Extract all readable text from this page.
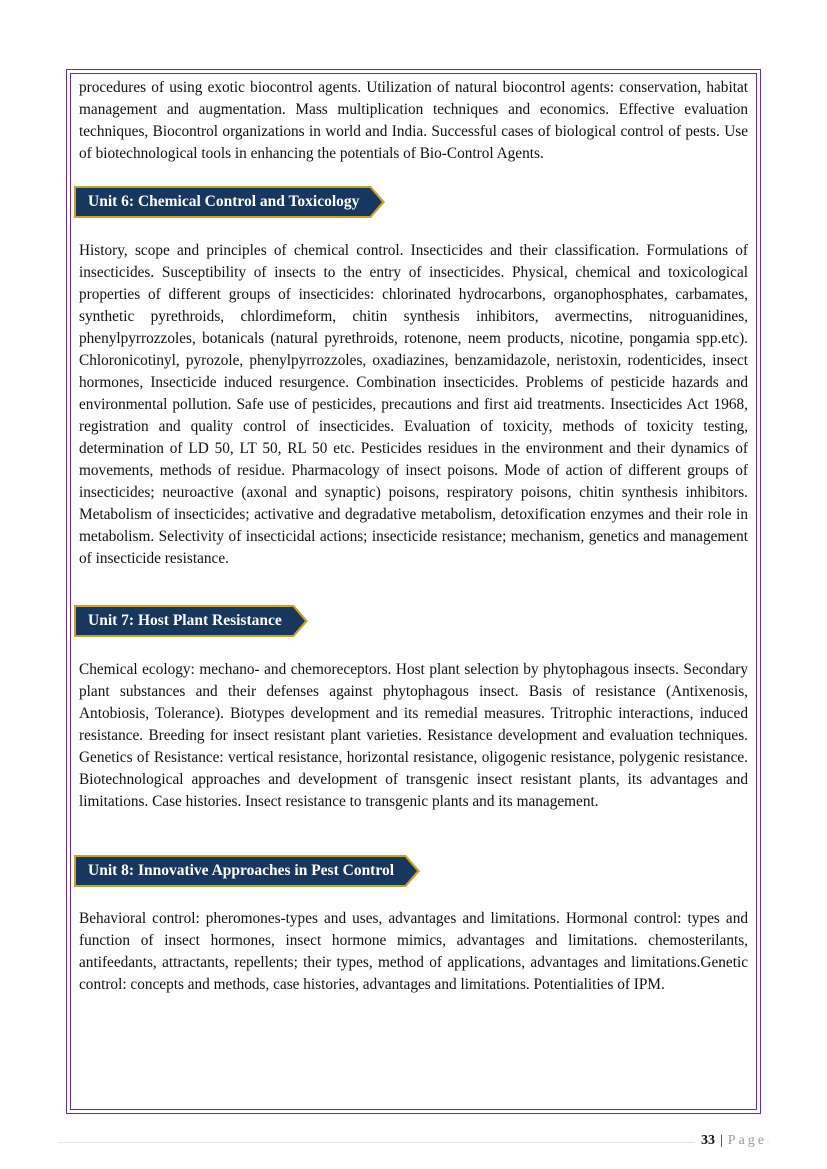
procedures of using exotic biocontrol agents. Utilization of natural biocontrol agents: conservation, habitat management and augmentation. Mass multiplication techniques and economics. Effective evaluation techniques, Biocontrol organizations in world and India. Successful cases of biological control of pests. Use of biotechnological tools in enhancing the potentials of Bio-Control Agents.

Unit 6: Chemical Control and Toxicology

History, scope and principles of chemical control. Insecticides and their classification. Formulations of insecticides. Susceptibility of insects to the entry of insecticides. Physical, chemical and toxicological properties of different groups of insecticides: chlorinated hydrocarbons, organophosphates, carbamates, synthetic pyrethroids, chlordimeform, chitin synthesis inhibitors, avermectins, nitroguanidines, phenylpyrrozzoles, botanicals (natural pyrethroids, rotenone, neem products, nicotine, pongamia spp.etc). Chloronicotinyl, pyrozole, phenylpyrrozzoles, oxadiazines, benzamidazole, neristoxin, rodenticides, insect hormones, Insecticide induced resurgence. Combination insecticides. Problems of pesticide hazards and environmental pollution. Safe use of pesticides, precautions and first aid treatments. Insecticides Act 1968, registration and quality control of insecticides. Evaluation of toxicity, methods of toxicity testing, determination of LD 50, LT 50, RL 50 etc. Pesticides residues in the environment and their dynamics of movements, methods of residue. Pharmacology of insect poisons. Mode of action of different groups of insecticides; neuroactive (axonal and synaptic) poisons, respiratory poisons, chitin synthesis inhibitors. Metabolism of insecticides; activative and degradative metabolism, detoxification enzymes and their role in metabolism. Selectivity of insecticidal actions; insecticide resistance; mechanism, genetics and management of insecticide resistance.

Unit 7: Host Plant Resistance

Chemical ecology: mechano- and chemoreceptors. Host plant selection by phytophagous insects. Secondary plant substances and their defenses against phytophagous insect. Basis of resistance (Antixenosis, Antobiosis, Tolerance). Biotypes development and its remedial measures. Tritrophic interactions, induced resistance. Breeding for insect resistant plant varieties. Resistance development and evaluation techniques. Genetics of Resistance: vertical resistance, horizontal resistance, oligogenic resistance, polygenic resistance. Biotechnological approaches and development of transgenic insect resistant plants, its advantages and limitations. Case histories. Insect resistance to transgenic plants and its management.

Unit 8: Innovative Approaches in Pest Control

Behavioral control: pheromones-types and uses, advantages and limitations. Hormonal control: types and function of insect hormones, insect hormone mimics, advantages and limitations. chemosterilants, antifeedants, attractants, repellents; their types, method of applications, advantages and limitations.Genetic control: concepts and methods, case histories, advantages and limitations. Potentialities of IPM.

33 | Page
